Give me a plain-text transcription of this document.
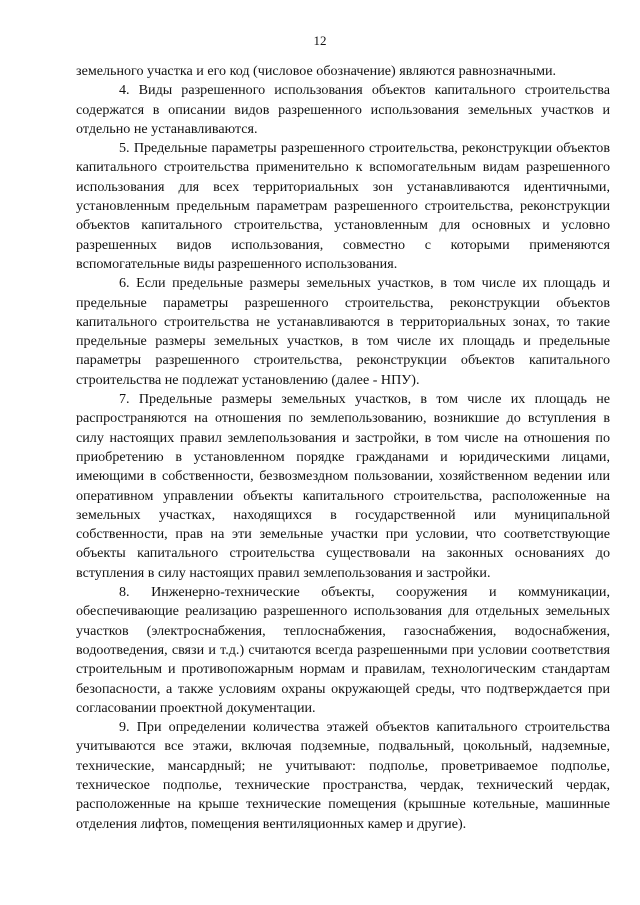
12

земельного участка и его код (числовое обозначение) являются равнозначными.

4. Виды разрешенного использования объектов капитального строительства содержатся в описании видов разрешенного использования земельных участков и отдельно не устанавливаются.

5. Предельные параметры разрешенного строительства, реконструкции объектов капитального строительства применительно к вспомогательным видам разрешенного использования для всех территориальных зон устанавливаются идентичными, установленным предельным параметрам разрешенного строительства, реконструкции объектов капитального строительства, установленным для основных и условно разрешенных видов использования, совместно с которыми применяются вспомогательные виды разрешенного использования.

6. Если предельные размеры земельных участков, в том числе их площадь и предельные параметры разрешенного строительства, реконструкции объектов капитального строительства не устанавливаются в территориальных зонах, то такие предельные размеры земельных участков, в том числе их площадь и предельные параметры разрешенного строительства, реконструкции объектов капитального строительства не подлежат установлению (далее - НПУ).

7. Предельные размеры земельных участков, в том числе их площадь не распространяются на отношения по землепользованию, возникшие до вступления в силу настоящих правил землепользования и застройки, в том числе на отношения по приобретению в установленном порядке гражданами и юридическими лицами, имеющими в собственности, безвозмездном пользовании, хозяйственном ведении или оперативном управлении объекты капитального строительства, расположенные на земельных участках, находящихся в государственной или муниципальной собственности, прав на эти земельные участки при условии, что соответствующие объекты капитального строительства существовали на законных основаниях до вступления в силу настоящих правил землепользования и застройки.

8. Инженерно-технические объекты, сооружения и коммуникации, обеспечивающие реализацию разрешенного использования для отдельных земельных участков (электроснабжения, теплоснабжения, газоснабжения, водоснабжения, водоотведения, связи и т.д.) считаются всегда разрешенными при условии соответствия строительным и противопожарным нормам и правилам, технологическим стандартам безопасности, а также условиям охраны окружающей среды, что подтверждается при согласовании проектной документации.

9. При определении количества этажей объектов капитального строительства учитываются все этажи, включая подземные, подвальный, цокольный, надземные, технические, мансардный; не учитывают: подполье, проветриваемое подполье, техническое подполье, технические пространства, чердак, технический чердак, расположенные на крыше технические помещения (крышные котельные, машинные отделения лифтов, помещения вентиляционных камер и другие).
